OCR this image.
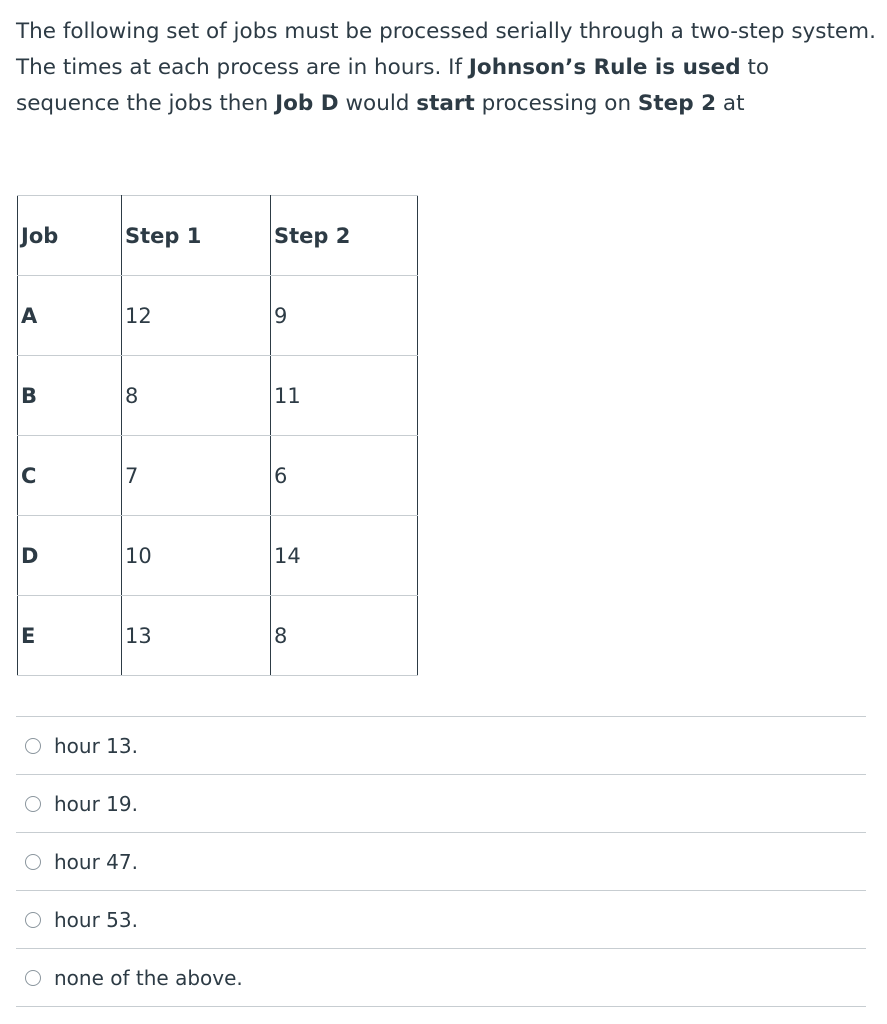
The following set of jobs must be processed serially through a two-step system. The times at each process are in hours. If Johnson’s Rule is used to sequence the jobs then Job D would start processing on Step 2 at
Job	Step 1	Step 2
A	12	9
B	8	11
C	7	6
D	10	14
E	13	8
hour 13.
hour 19.
hour 47.
hour 53.
none of the above.
